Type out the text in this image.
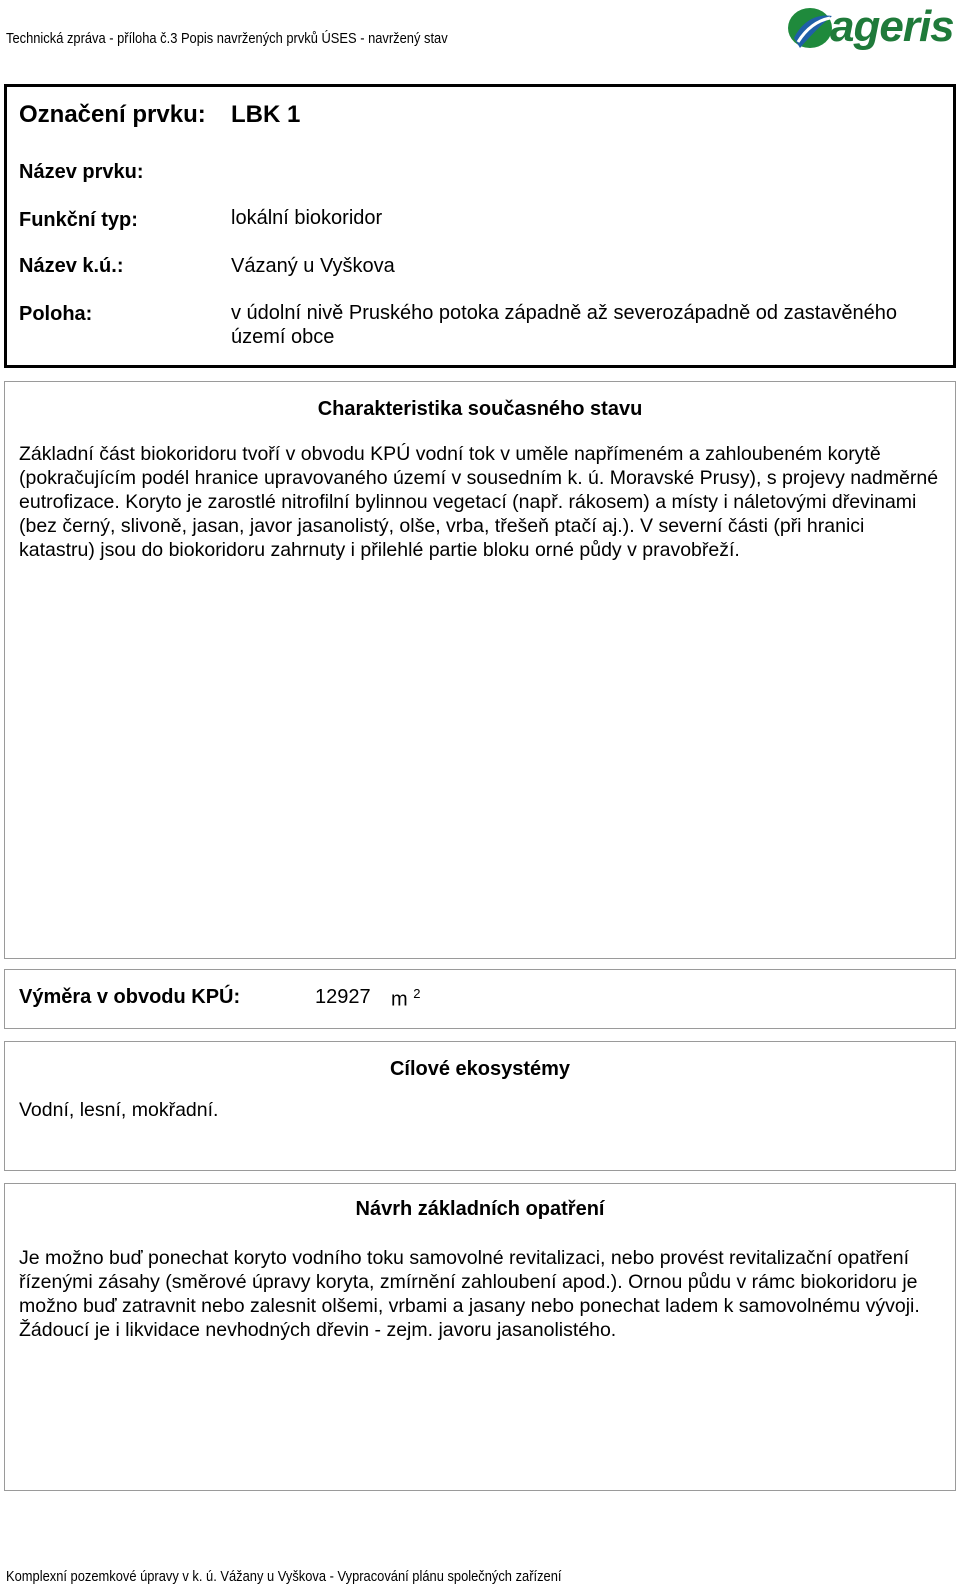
Technická zpráva - příloha č.3 Popis navržených prvků ÚSES - navržený stav	ageris
Označení prvku: LBK 1
Název prvku:
Funkční typ:	lokální biokoridor
Název k.ú.:	Vázaný u Vyškova
Poloha:	v údolní nivě Pruského potoka západně až severozápadně od zastavěného území obce
Charakteristika současného stavu

Základní část biokoridoru tvoří v obvodu KPÚ vodní tok v uměle napřímeném a zahloubeném korytě (pokračujícím podél hranice upravovaného území v sousedním k. ú. Moravské Prusy), s projevy nadměrné eutrofizace. Koryto je zarostlé nitrofilní bylinnou vegetací (např. rákosem) a místy i náletovými dřevinami (bez černý, slivoně, jasan, javor jasanolistý, olše, vrba, třešeň ptačí aj.). V severní části (při hranici katastru) jsou do biokoridoru zahrnuty i přilehlé partie bloku orné půdy v pravobřeží.

Výměra v obvodu KPÚ:	12927 m $^2$
Cílové ekosystémy

Vodní, lesní, mokřadní.

Návrh základních opatření

Je možno buď ponechat koryto vodního toku samovolné revitalizaci, nebo provést revitalizační opatření řízenými zásahy (směrové úpravy koryta, zmírnění zahloubení apod.). Ornou půdu v rámc biokoridoru je možno buď zatravnit nebo zalesnit olšemi, vrbami a jasany nebo ponechat ladem k samovolnému vývoji. Žádoucí je i likvidace nevhodných dřevin - zejm. javoru jasanolistého.

Komplexní pozemkové úpravy v k. ú. Vážany u Vyškova - Vypracování plánu společných zařízení
